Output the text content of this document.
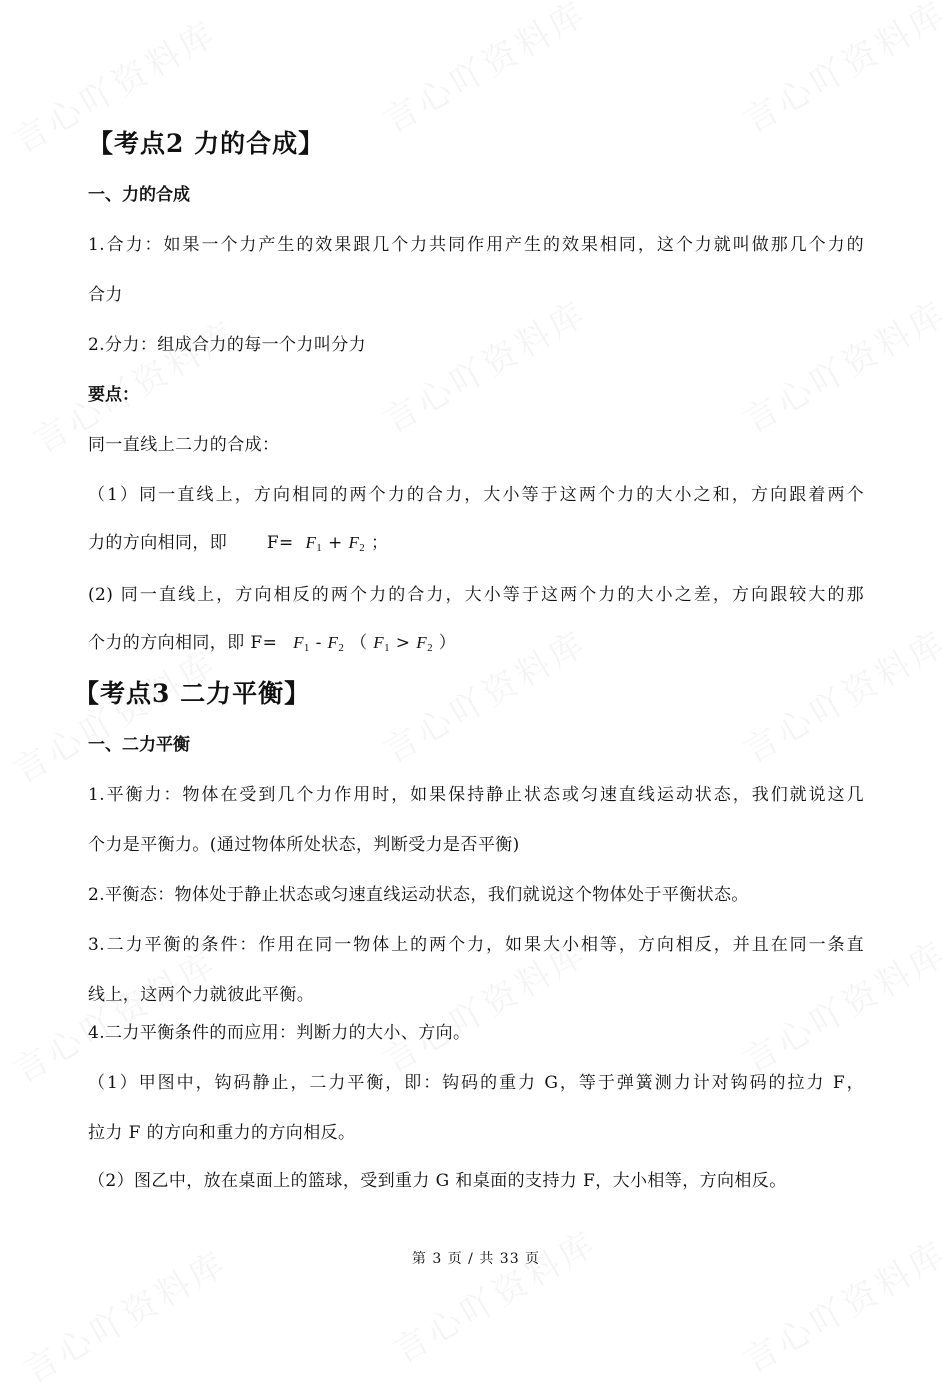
【考点2 力的合成】
一、力的合成
1.合力：如果一个力产生的效果跟几个力共同作用产生的效果相同，这个力就叫做那几个力的
合力
2.分力：组成合力的每一个力叫分力
要点：
同一直线上二力的合成：
（1）同一直线上，方向相同的两个力的合力，大小等于这两个力的大小之和，方向跟着两个
力的方向相同，即 $F= F_1 + F_2$ ；
(2) 同一直线上，方向相反的两个力的合力，大小等于这两个力的大小之差，方向跟较大的那
个力的方向相同，即 $F= F_1 - F_2$ （ $F_1 > F_2$ ）
【考点3 二力平衡】
一、二力平衡
1.平衡力：物体在受到几个力作用时，如果保持静止状态或匀速直线运动状态，我们就说这几
个力是平衡力。(通过物体所处状态，判断受力是否平衡)
2.平衡态：物体处于静止状态或匀速直线运动状态，我们就说这个物体处于平衡状态。
3.二力平衡的条件：作用在同一物体上的两个力，如果大小相等，方向相反，并且在同一条直
线上，这两个力就彼此平衡。
4.二力平衡条件的而应用：判断力的大小、方向。
（1）甲图中，钩码静止，二力平衡，即：钩码的重力 G，等于弹簧测力计对钩码的拉力 F，
拉力 F 的方向和重力的方向相反。
（2）图乙中，放在桌面上的篮球，受到重力 G 和桌面的支持力 F，大小相等，方向相反。
第 3 页 / 共 33 页
